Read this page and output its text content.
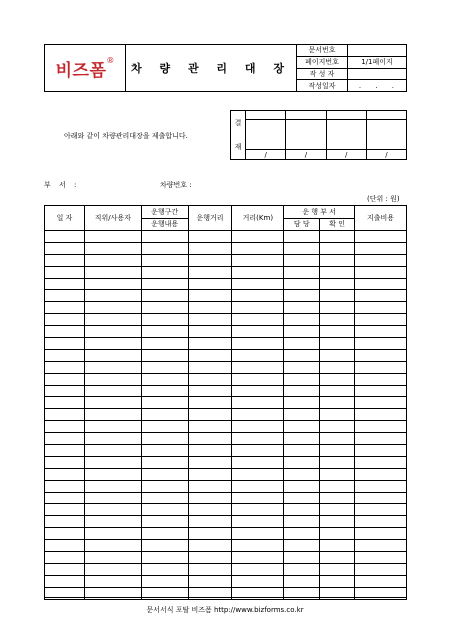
비즈폼®	차 량 관 리 대 장	문서번호	
		페이지번호	1/1페이지
		작 성 자	
		작성일자	. . .
아래와 같이 차량관리대장을 제출합니다.
결
재				

	/	/	/	/
부 서 :	차량번호 :
(단위 : 원)
일 자	직위/사용자	운행구간	운행거리	거리(Km)	운 행 부 서		지출비용
		운행내용			담 당	확 인	

문서서식 포탈 비즈폼 http://www.bizforms.co.kr
